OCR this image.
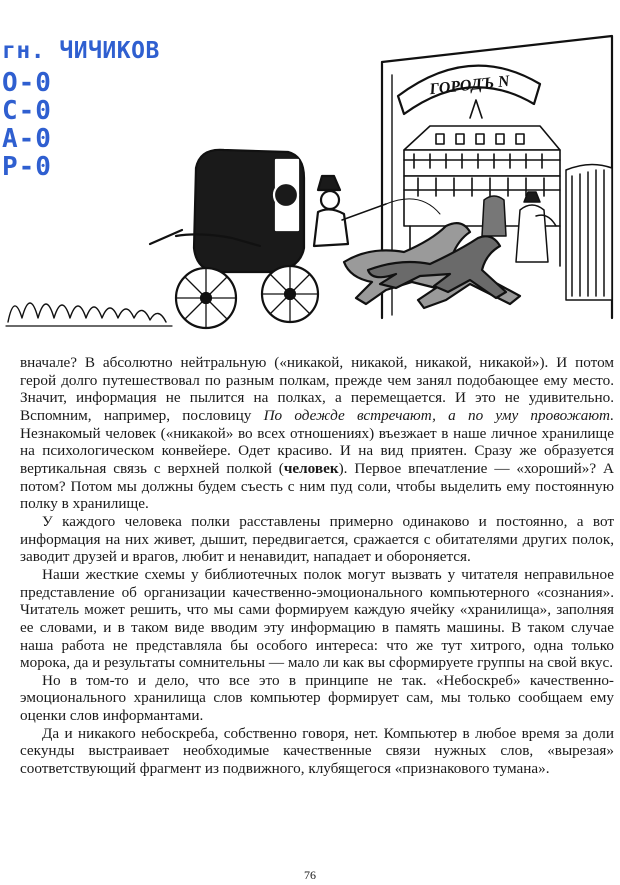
ГОРОДЪ N
гн. ЧИЧИКОВ
О-0
С-0
А-0
Р-0

вначале? В абсолютно нейтральную («никакой, никакой, никакой, никакой»). И потом герой долго путешествовал по разным полкам, прежде чем занял подобающее ему место. Значит, информация не пылится на полках, а перемещается. И это не удивительно. Вспомним, например, пословицу По одежде встречают, а по уму провожают. Незнакомый человек («никакой» во всех отношениях) въезжает в наше личное хранилище на психологическом конвейере. Одет красиво. И на вид приятен. Сразу же образуется вертикальная связь с верхней полкой (человек). Первое впечатление — «хороший»? А потом? Потом мы должны будем съесть с ним пуд соли, чтобы выделить ему постоянную полку в хранилище.

У каждого человека полки расставлены примерно одинаково и постоянно, а вот информация на них живет, дышит, передвигается, сражается с обитателями других полок, заводит друзей и врагов, любит и ненавидит, нападает и обороняется.

Наши жесткие схемы у библиотечных полок могут вызвать у читателя неправильное представление об организации качественно-эмоционального компьютерного «сознания». Читатель может решить, что мы сами формируем каждую ячейку «хранилища», заполняя ее словами, и в таком виде вводим эту информацию в память машины. В таком случае наша работа не представляла бы особого интереса: что же тут хитрого, одна только морока, да и результаты сомнительны — мало ли как вы сформируете группы на свой вкус.

Но в том-то и дело, что все это в принципе не так. «Небоскреб» качественно-эмоционального хранилища слов компьютер формирует сам, мы только сообщаем ему оценки слов информантами.

Да и никакого небоскреба, собственно говоря, нет. Компьютер в любое время за доли секунды выстраивает необходимые качественные связи нужных слов, «вырезая» соответствующий фрагмент из подвижного, клубящегося «признакового тумана».

76
